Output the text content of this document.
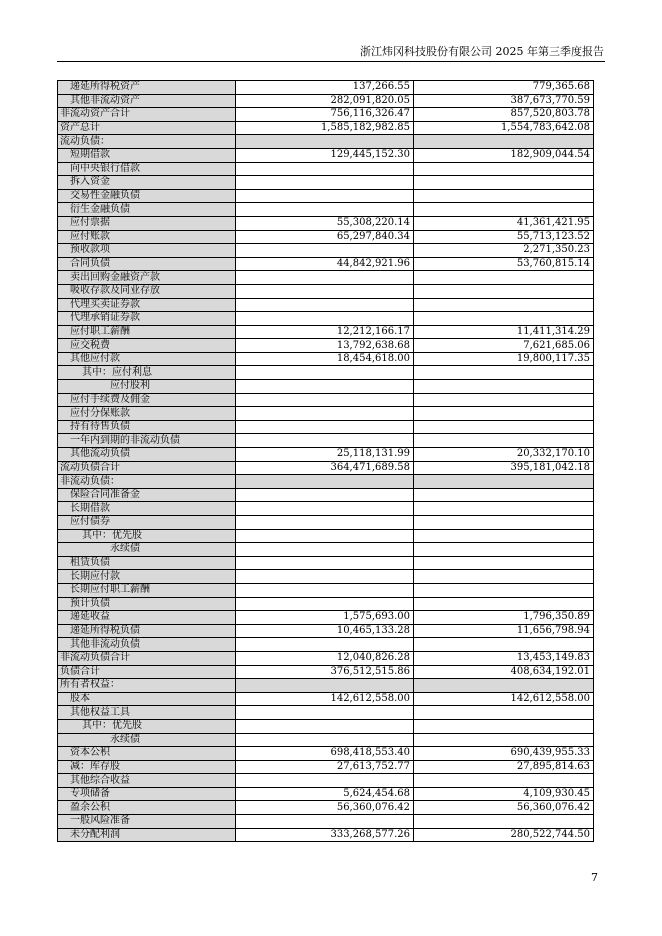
浙江炜冈科技股份有限公司 2025 年第三季度报告
递延所得税资产	137,266.55	779,365.68
其他非流动资产	282,091,820.05	387,673,770.59
非流动资产合计	756,116,326.47	857,520,803.78
资产总计	1,585,182,982.85	1,554,783,642.08
流动负债：		
短期借款	129,445,152.30	182,909,044.54
向中央银行借款		
拆入资金		
交易性金融负债		
衍生金融负债		
应付票据	55,308,220.14	41,361,421.95
应付账款	65,297,840.34	55,713,123.52
预收款项		2,271,350.23
合同负债	44,842,921.96	53,760,815.14
卖出回购金融资产款		
吸收存款及同业存放		
代理买卖证券款		
代理承销证券款		
应付职工薪酬	12,212,166.17	11,411,314.29
应交税费	13,792,638.68	7,621,685.06
其他应付款	18,454,618.00	19,800,117.35
其中：应付利息		
应付股利		
应付手续费及佣金		
应付分保账款		
持有待售负债		
一年内到期的非流动负债		
其他流动负债	25,118,131.99	20,332,170.10
流动负债合计	364,471,689.58	395,181,042.18
非流动负债：		
保险合同准备金		
长期借款		
应付债券		
其中：优先股		
永续债		
租赁负债		
长期应付款		
长期应付职工薪酬		
预计负债		
递延收益	1,575,693.00	1,796,350.89
递延所得税负债	10,465,133.28	11,656,798.94
其他非流动负债		
非流动负债合计	12,040,826.28	13,453,149.83
负债合计	376,512,515.86	408,634,192.01
所有者权益：		
股本	142,612,558.00	142,612,558.00
其他权益工具		
其中：优先股		
永续债		
资本公积	698,418,553.40	690,439,955.33
减：库存股	27,613,752.77	27,895,814.63
其他综合收益		
专项储备	5,624,454.68	4,109,930.45
盈余公积	56,360,076.42	56,360,076.42
一般风险准备		
未分配利润	333,268,577.26	280,522,744.50
7
